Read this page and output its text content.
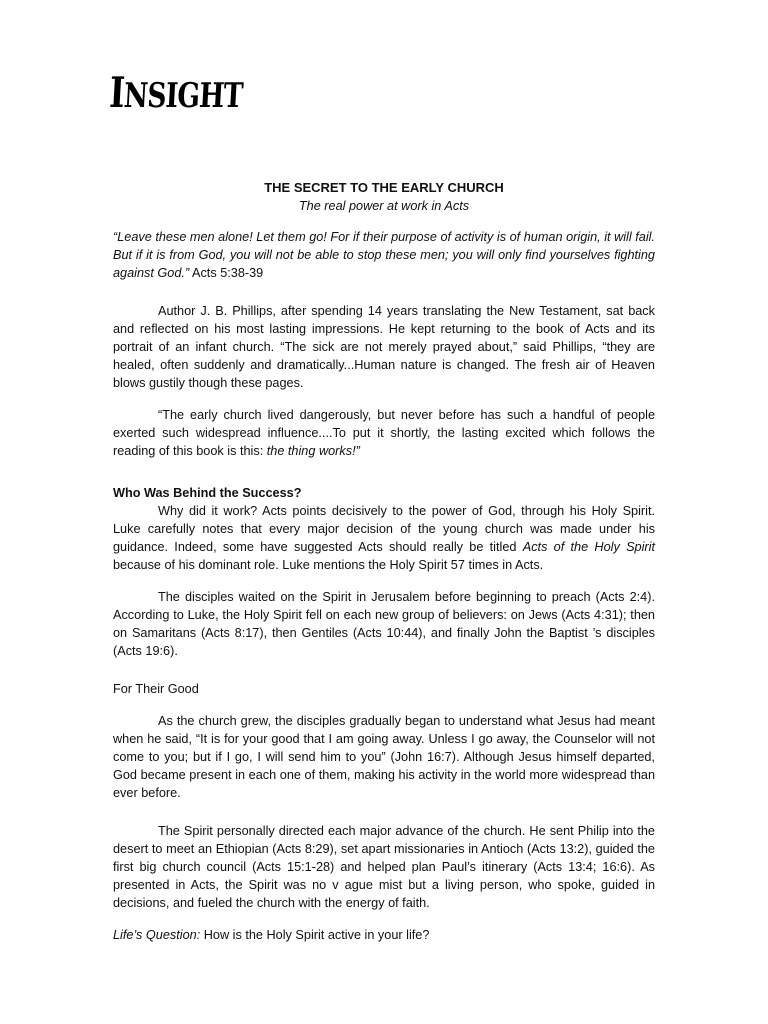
INSIGHT

THE SECRET TO THE EARLY CHURCH

The real power at work in Acts

“Leave these men alone! Let them go! For if their purpose of activity is of human origin, it will fail. But if it is from God, you will not be able to stop these men; you will only find yourselves fighting against God.” Acts 5:38-39

Author J. B. Phillips, after spending 14 years translating the New Testament, sat back and reflected on his most lasting impressions. He kept returning to the book of Acts and its portrait of an infant church. “The sick are not merely prayed about,” said Phillips, “they are healed, often suddenly and dramatically...Human nature is changed. The fresh air of Heaven blows gustily though these pages.

“The early church lived dangerously, but never before has such a handful of people exerted such widespread influence....To put it shortly, the lasting excited which follows the reading of this book is this: the thing works!”

Who Was Behind the Success?

Why did it work? Acts points decisively to the power of God, through his Holy Spirit. Luke carefully notes that every major decision of the young church was made under his guidance. Indeed, some have suggested Acts should really be titled Acts of the Holy Spirit because of his dominant role. Luke mentions the Holy Spirit 57 times in Acts.

The disciples waited on the Spirit in Jerusalem before beginning to preach (Acts 2:4). According to Luke, the Holy Spirit fell on each new group of believers: on Jews (Acts 4:31); then on Samaritans (Acts 8:17), then Gentiles (Acts 10:44), and finally John the Baptist ’s disciples (Acts 19:6).

For Their Good

As the church grew, the disciples gradually began to understand what Jesus had meant when he said, “It is for your good that I am going away. Unless I go away, the Counselor will not come to you; but if I go, I will send him to you” (John 16:7). Although Jesus himself departed, God became present in each one of them, making his activity in the world more widespread than ever before.

The Spirit personally directed each major advance of the church. He sent Philip into the desert to meet an Ethiopian (Acts 8:29), set apart missionaries in Antioch (Acts 13:2), guided the first big church council (Acts 15:1-28) and helped plan Paul’s itinerary (Acts 13:4; 16:6). As presented in Acts, the Spirit was no v ague mist but a living person, who spoke, guided in decisions, and fueled the church with the energy of faith.

Life’s Question: How is the Holy Spirit active in your life?
